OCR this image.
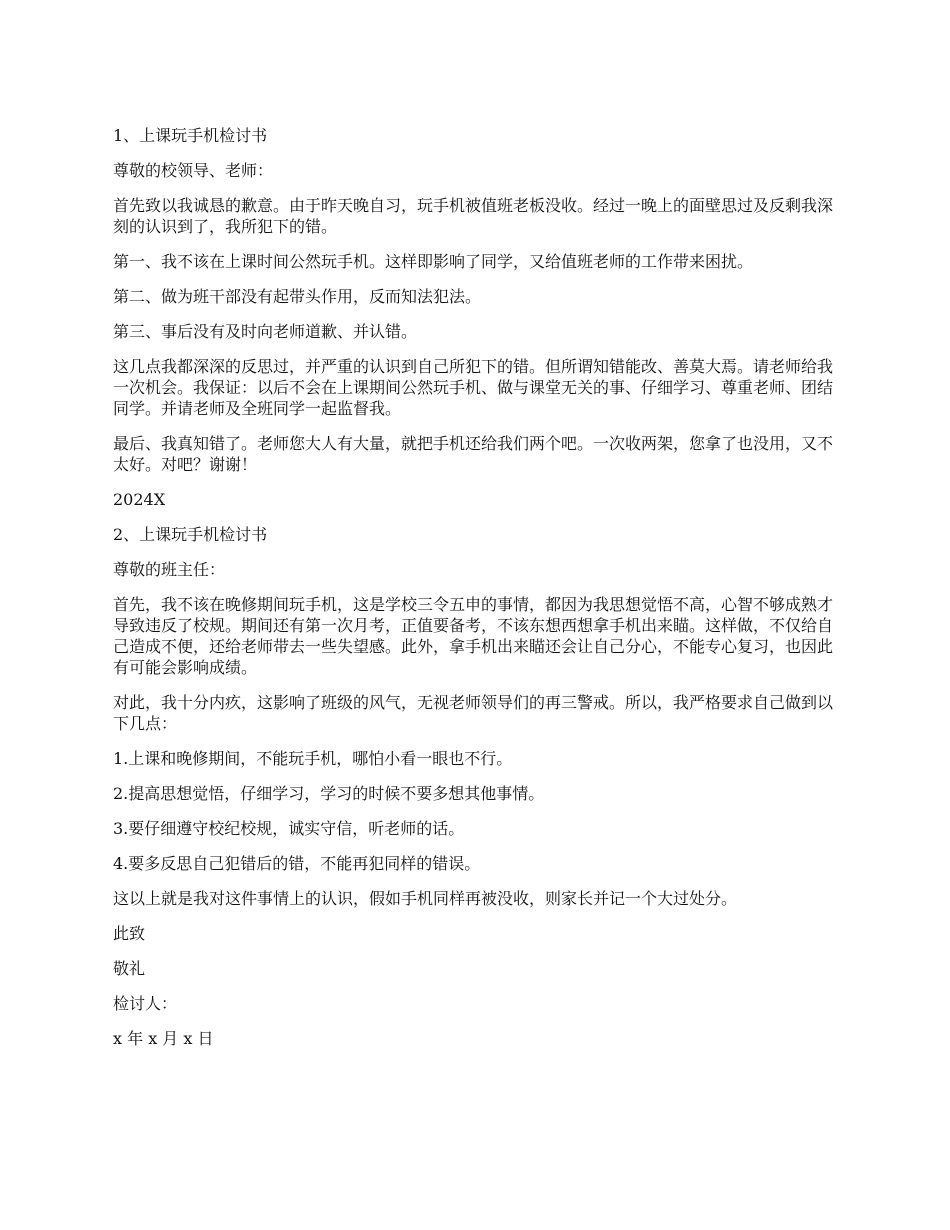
1、上课玩手机检讨书

尊敬的校领导、老师：

首先致以我诚恳的歉意。由于昨天晚自习，玩手机被值班老板没收。经过一晚上的面壁思过及反剩我深刻的认识到了，我所犯下的错。

第一、我不该在上课时间公然玩手机。这样即影响了同学，又给值班老师的工作带来困扰。

第二、做为班干部没有起带头作用，反而知法犯法。

第三、事后没有及时向老师道歉、并认错。

这几点我都深深的反思过，并严重的认识到自己所犯下的错。但所谓知错能改、善莫大焉。请老师给我一次机会。我保证：以后不会在上课期间公然玩手机、做与课堂无关的事、仔细学习、尊重老师、团结同学。并请老师及全班同学一起监督我。

最后、我真知错了。老师您大人有大量，就把手机还给我们两个吧。一次收两架，您拿了也没用，又不太好。对吧？谢谢！

2024X

2、上课玩手机检讨书

尊敬的班主任：

首先，我不该在晚修期间玩手机，这是学校三令五申的事情，都因为我思想觉悟不高，心智不够成熟才导致违反了校规。期间还有第一次月考，正值要备考，不该东想西想拿手机出来瞄。这样做，不仅给自己造成不便，还给老师带去一些失望感。此外，拿手机出来瞄还会让自己分心，不能专心复习，也因此有可能会影响成绩。

对此，我十分内疚，这影响了班级的风气，无视老师领导们的再三警戒。所以，我严格要求自己做到以下几点：

1.上课和晚修期间，不能玩手机，哪怕小看一眼也不行。

2.提高思想觉悟，仔细学习，学习的时候不要多想其他事情。

3.要仔细遵守校纪校规，诚实守信，听老师的话。

4.要多反思自己犯错后的错，不能再犯同样的错误。

这以上就是我对这件事情上的认识，假如手机同样再被没收，则家长并记一个大过处分。

此致

敬礼

检讨人：

x 年 x 月 x 日
